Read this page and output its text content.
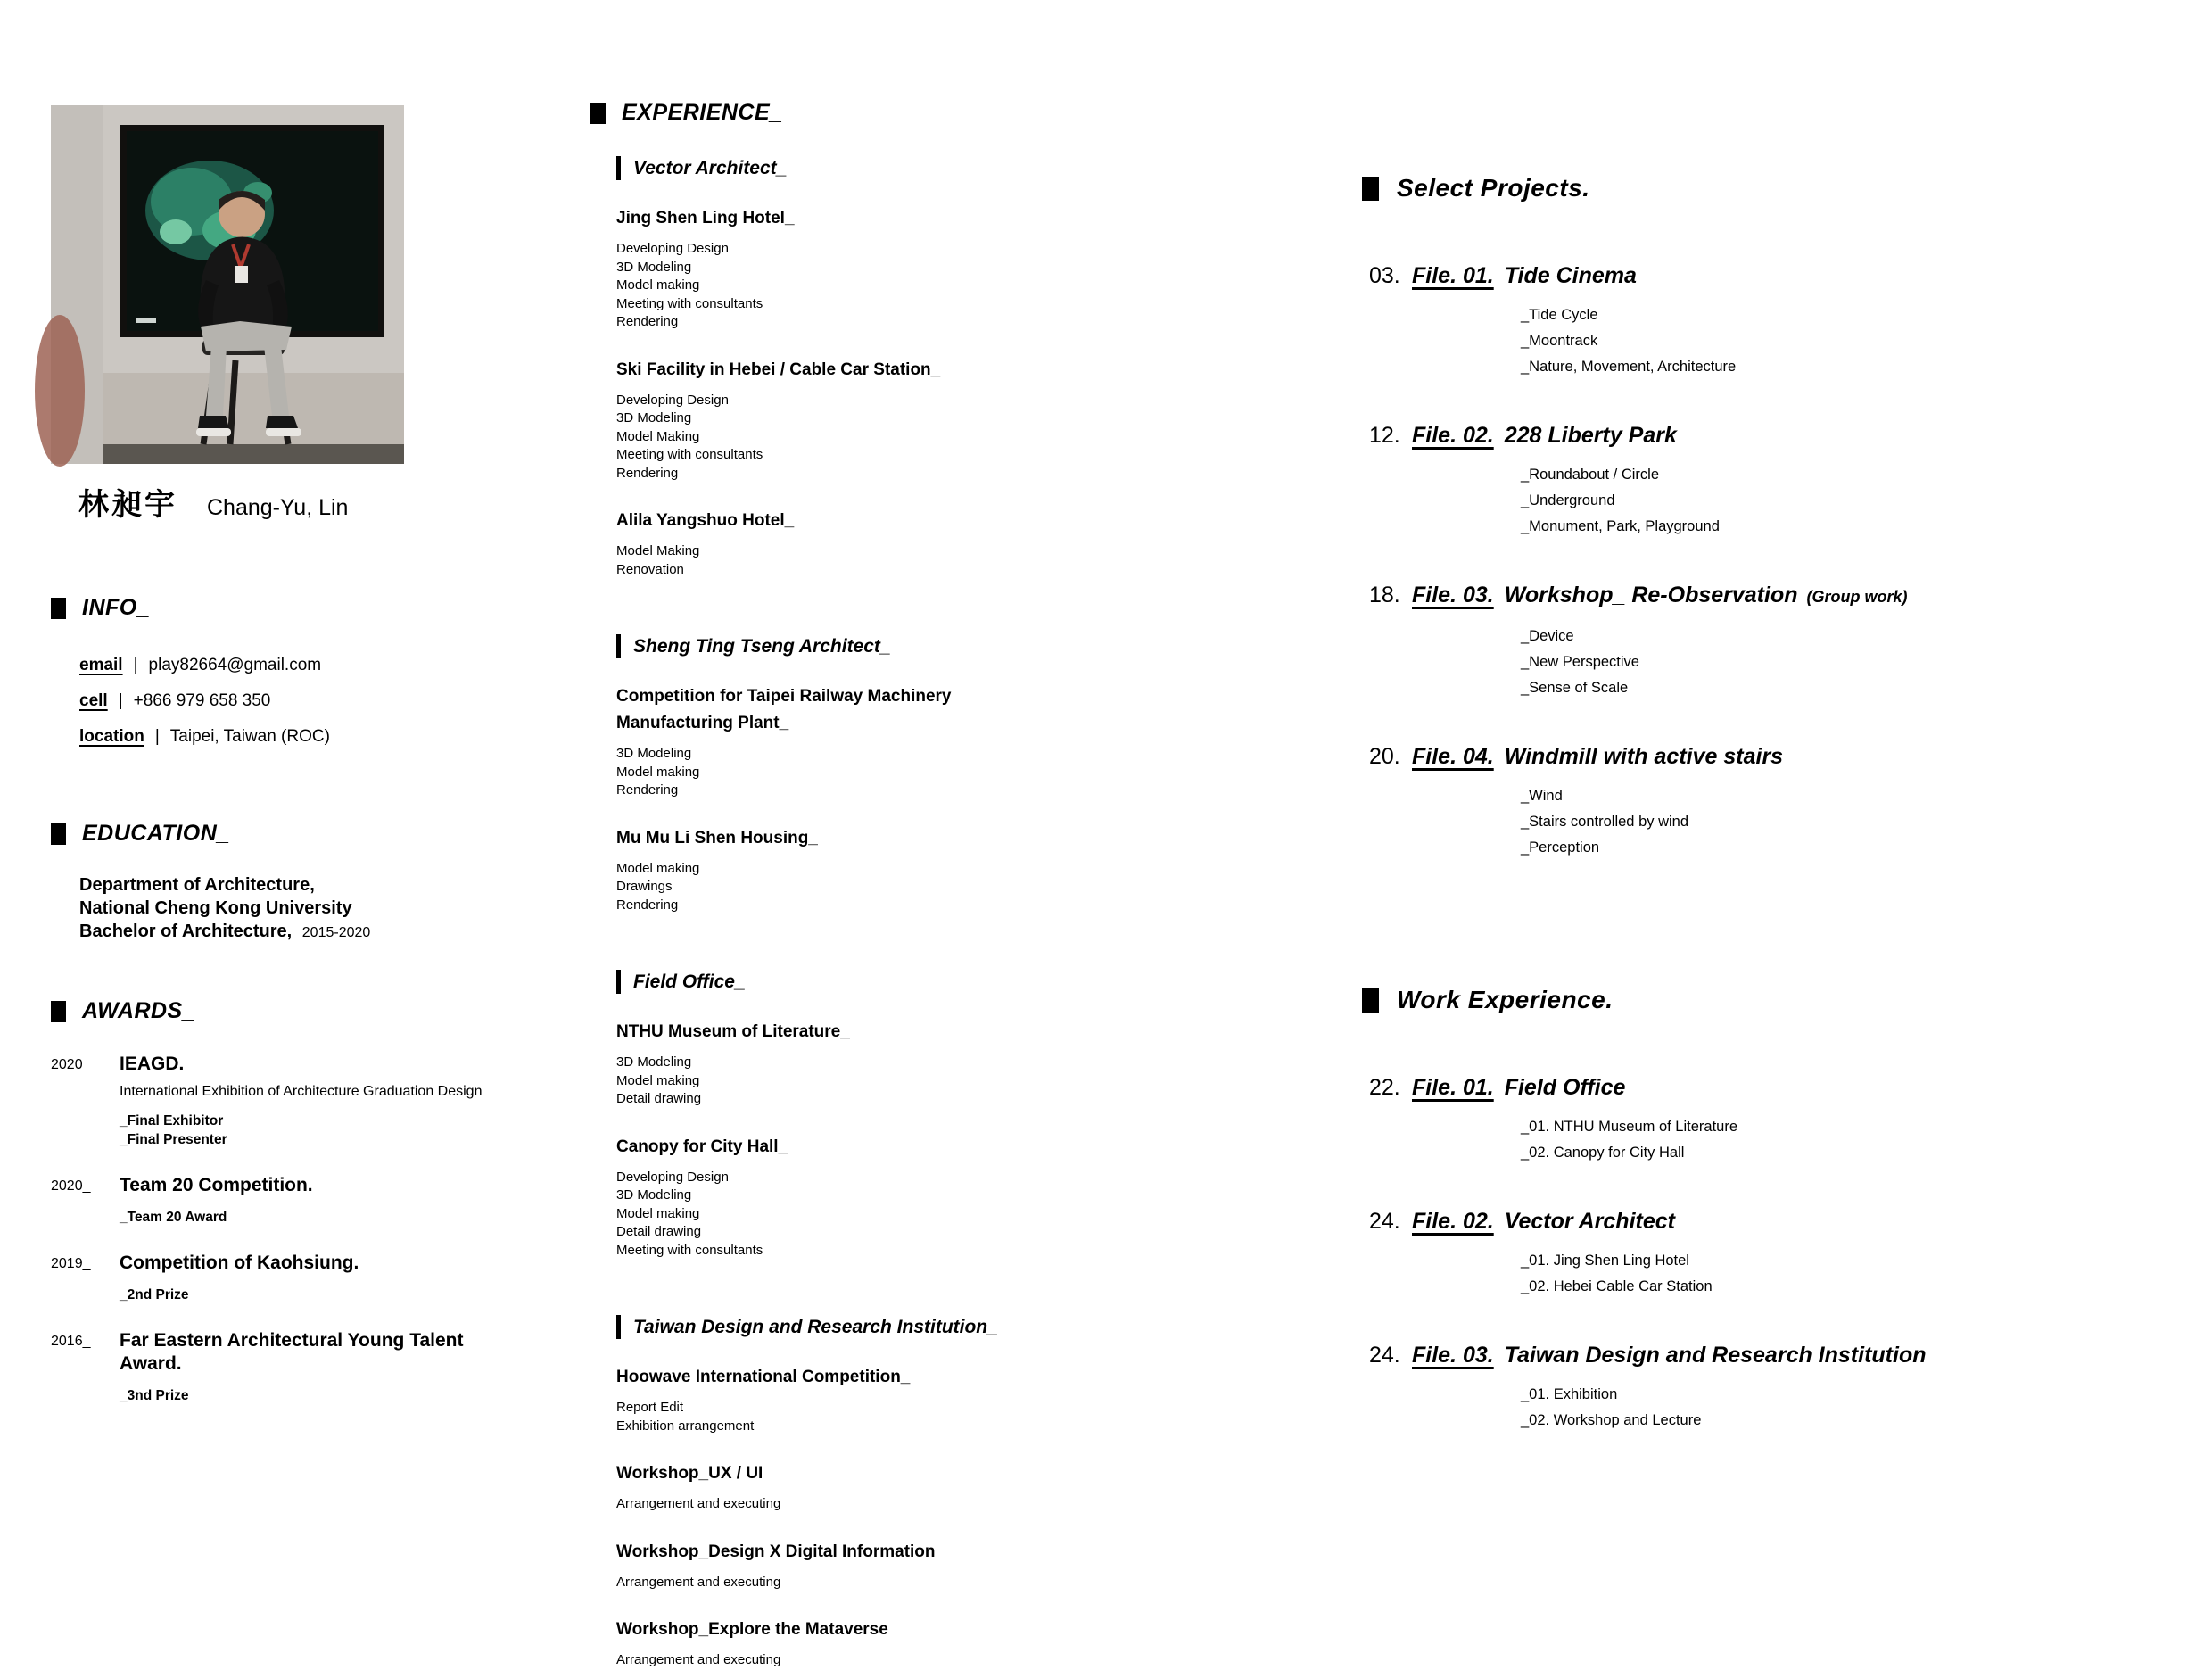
林昶宇 Chang-Yu, Lin
INFO_
email | play82664@gmail.com
cell | +866 979 658 350
location | Taipei, Taiwan (ROC)
EDUCATION_
Department of Architecture,
National Cheng Kong University
Bachelor of Architecture, 2015-2020
AWARDS_
2020_	IEAGD.
International Exhibition of Architecture Graduation Design
_Final Exhibitor
_Final Presenter
2020_	Team 20 Competition.
_Team 20 Award
2019_	Competition of Kaohsiung.
_2nd Prize
2016_	Far Eastern Architectural Young Talent Award.
_3nd Prize
EXPERIENCE_
Vector Architect_
Jing Shen Ling Hotel_
Developing Design
3D Modeling
Model making
Meeting with consultants
Rendering
Ski Facility in Hebei / Cable Car Station_
Developing Design
3D Modeling
Model Making
Meeting with consultants
Rendering
Alila Yangshuo Hotel_
Model Making
Renovation
Sheng Ting Tseng Architect_
Competition for Taipei Railway Machinery Manufacturing Plant_
3D Modeling
Model making
Rendering
Mu Mu Li Shen Housing_
Model making
Drawings
Rendering
Field Office_
NTHU Museum of Literature_
3D Modeling
Model making
Detail drawing
Canopy for City Hall_
Developing Design
3D Modeling
Model making
Detail drawing
Meeting with consultants
Taiwan Design and Research Institution_
Hoowave International Competition_
Report Edit
Exhibition arrangement
Workshop_UX / UI
Arrangement and executing
Workshop_Design X Digital Information
Arrangement and executing
Workshop_Explore the Mataverse
Arrangement and executing
Select Projects.
03. File. 01. Tide Cinema
_Tide Cycle
_Moontrack
_Nature, Movement, Architecture
12. File. 02. 228 Liberty Park
_Roundabout / Circle
_Underground
_Monument, Park, Playground
18. File. 03. Workshop_ Re-Observation (Group work)
_Device
_New Perspective
_Sense of Scale
20. File. 04. Windmill with active stairs
_Wind
_Stairs controlled by wind
_Perception
Work Experience.
22. File. 01. Field Office
_01. NTHU Museum of Literature
_02. Canopy for City Hall
24. File. 02. Vector Architect
_01. Jing Shen Ling Hotel
_02. Hebei Cable Car Station
24. File. 03. Taiwan Design and Research Institution
_01. Exhibition
_02. Workshop and Lecture
